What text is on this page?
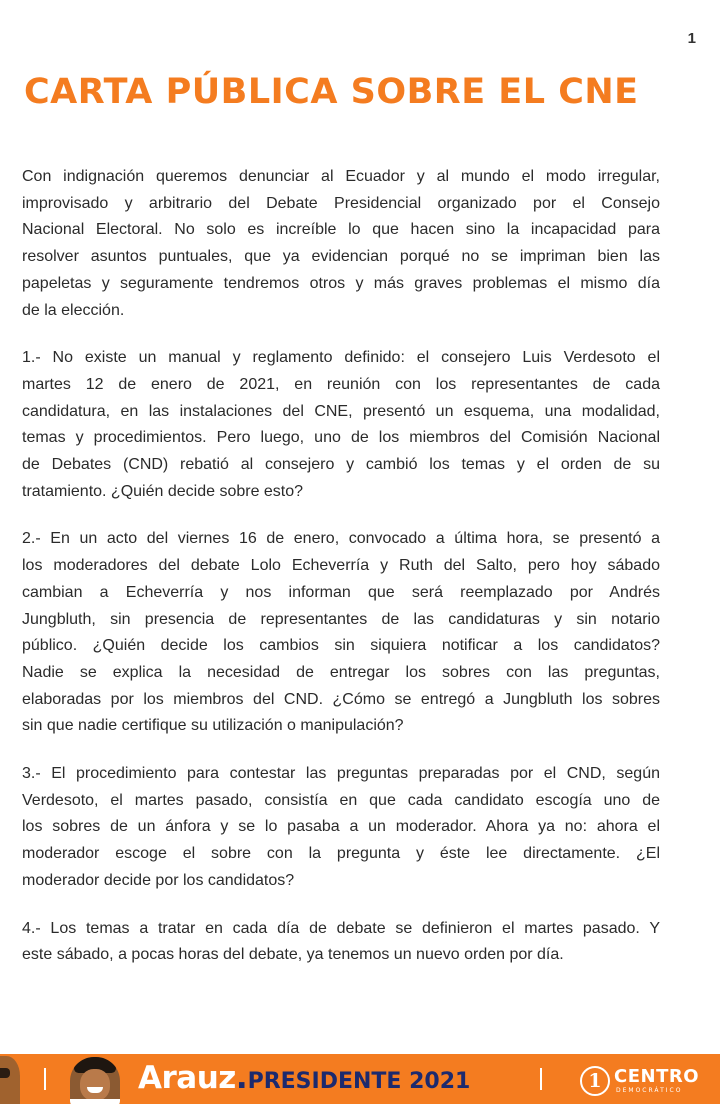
1
CARTA PÚBLICA SOBRE EL CNE

Con indignación queremos denunciar al Ecuador y al mundo el modo irregular,
improvisado y arbitrario del Debate Presidencial organizado por el Consejo
Nacional Electoral. No solo es increíble lo que hacen sino la incapacidad para
resolver asuntos puntuales, que ya evidencian porqué no se impriman bien las
papeletas y seguramente tendremos otros y más graves problemas el mismo día
de la elección.

1.- No existe un manual y reglamento definido: el consejero Luis Verdesoto el
martes 12 de enero de 2021, en reunión con los representantes de cada
candidatura, en las instalaciones del CNE, presentó un esquema, una modalidad,
temas y procedimientos. Pero luego, uno de los miembros del Comisión Nacional
de Debates (CND) rebatió al consejero y cambió los temas y el orden de su
tratamiento. ¿Quién decide sobre esto?

2.- En un acto del viernes 16 de enero, convocado a última hora, se presentó a
los moderadores del debate Lolo Echeverría y Ruth del Salto, pero hoy sábado
cambian a Echeverría y nos informan que será reemplazado por Andrés
Jungbluth, sin presencia de representantes de las candidaturas y sin notario
público. ¿Quién decide los cambios sin siquiera notificar a los candidatos?
Nadie se explica la necesidad de entregar los sobres con las preguntas,
elaboradas por los miembros del CND. ¿Cómo se entregó a Jungbluth los sobres
sin que nadie certifique su utilización o manipulación?

3.- El procedimiento para contestar las preguntas preparadas por el CND, según
Verdesoto, el martes pasado, consistía en que cada candidato escogía uno de
los sobres de un ánfora y se lo pasaba a un moderador. Ahora ya no: ahora el
moderador escoge el sobre con la pregunta y éste lee directamente. ¿El
moderador decide por los candidatos?

4.- Los temas a tratar en cada día de debate se definieron el martes pasado. Y
este sábado, a pocas horas del debate, ya tenemos un nuevo orden por día.

Arauz.PRESIDENTE 2021	1 CENTRO
DEMOCRÁTICO
